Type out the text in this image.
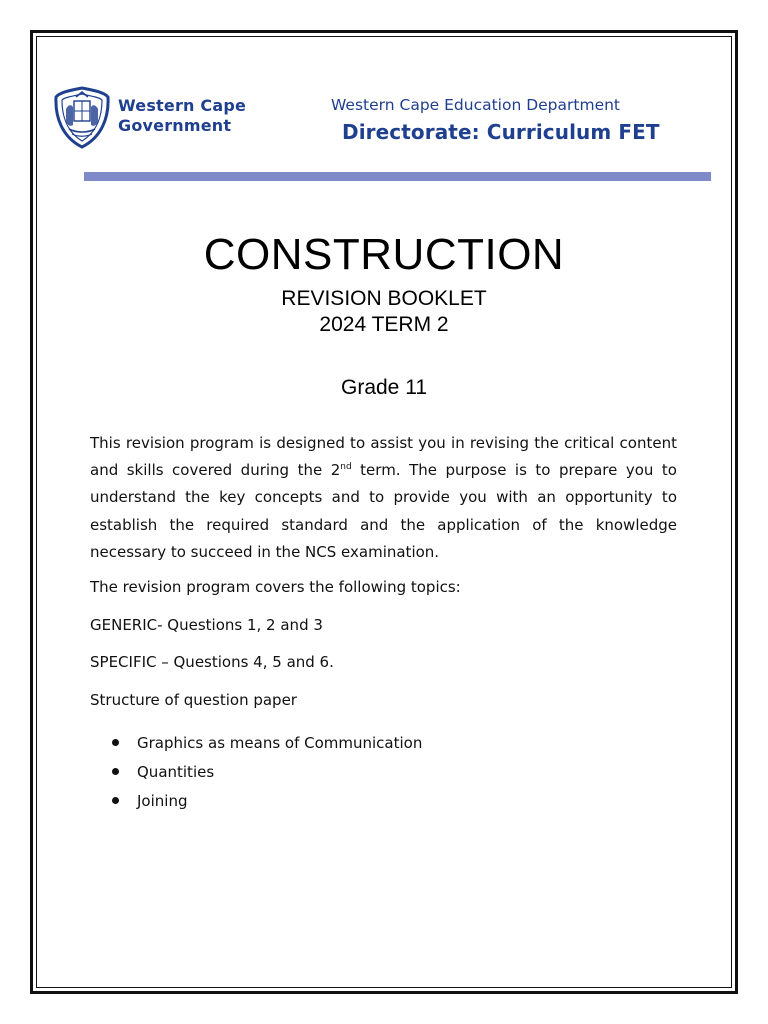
Western Cape
Government
Western Cape Education Department
Directorate: Curriculum FET
CONSTRUCTION
REVISION BOOKLET
2024 TERM 2
Grade 11
This revision program is designed to assist you in revising the critical content and skills covered during the 2nd term. The purpose is to prepare you to understand the key concepts and to provide you with an opportunity to establish the required standard and the application of the knowledge necessary to succeed in the NCS examination.
The revision program covers the following topics:
GENERIC- Questions 1, 2 and 3
SPECIFIC – Questions 4, 5 and 6.
Structure of question paper
Graphics as means of Communication
Quantities
Joining
